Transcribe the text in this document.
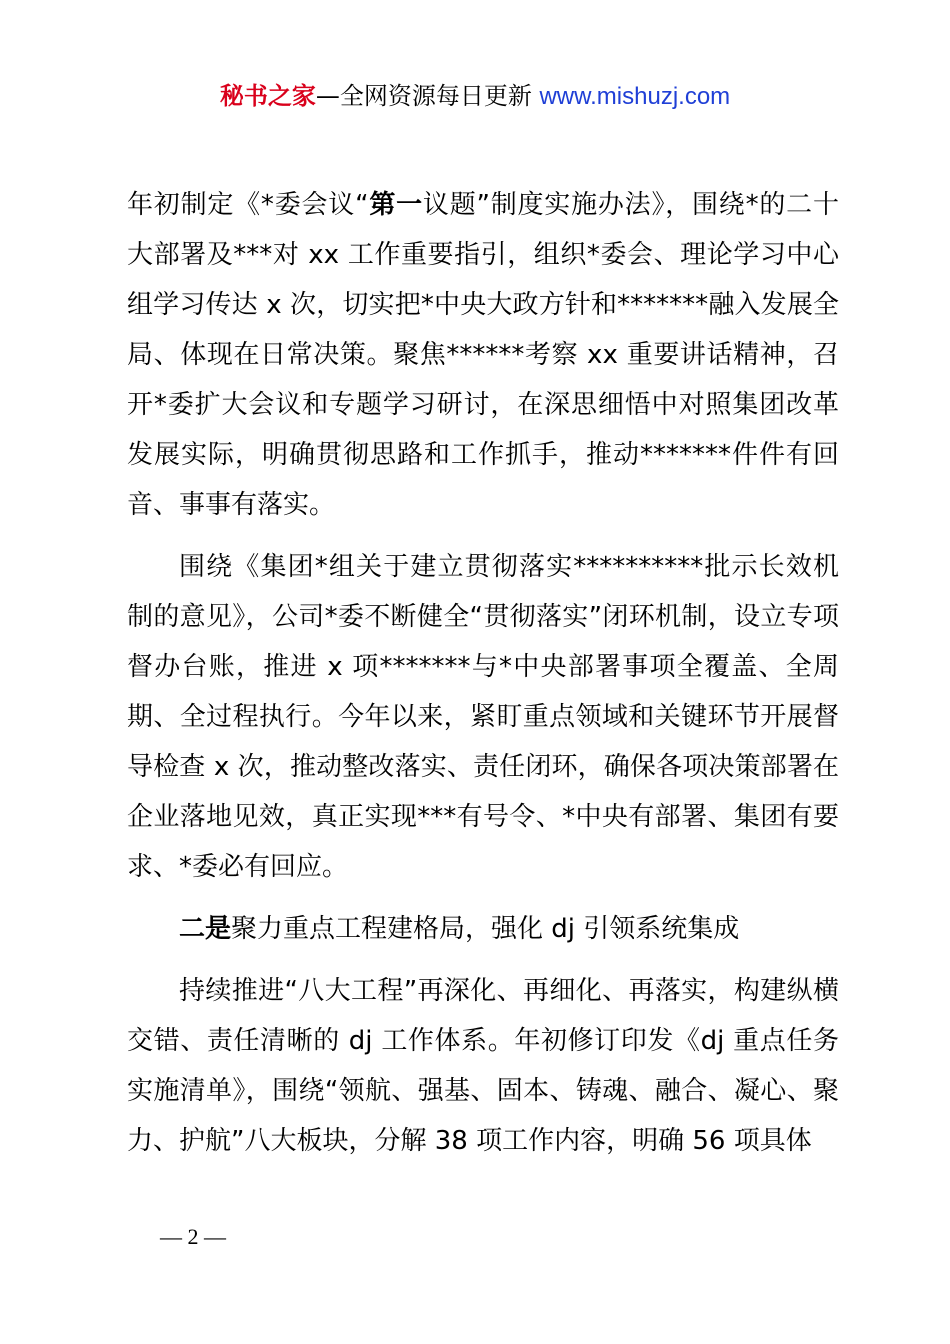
秘书之家—全网资源每日更新 www.mishuzj.com

年初制定《*委会议“第一议题”制度实施办法》，围绕*的二十大部署及***对 xx 工作重要指引，组织*委会、理论学习中心组学习传达 x 次，切实把*中央大政方针和*******融入发展全局、体现在日常决策。聚焦******考察 xx 重要讲话精神，召开*委扩大会议和专题学习研讨，在深思细悟中对照集团改革发展实际，明确贯彻思路和工作抓手，推动*******件件有回音、事事有落实。

围绕《集团*组关于建立贯彻落实**********批示长效机制的意见》，公司*委不断健全“贯彻落实”闭环机制，设立专项督办台账，推进 x 项*******与*中央部署事项全覆盖、全周期、全过程执行。今年以来，紧盯重点领域和关键环节开展督导检查 x 次，推动整改落实、责任闭环，确保各项决策部署在企业落地见效，真正实现***有号令、*中央有部署、集团有要求、*委必有回应。

二是聚力重点工程建格局，强化 dj 引领系统集成

持续推进“八大工程”再深化、再细化、再落实，构建纵横交错、责任清晰的 dj 工作体系。年初修订印发《dj 重点任务实施清单》，围绕“领航、强基、固本、铸魂、融合、凝心、聚力、护航”八大板块，分解 38 项工作内容，明确 56 项具体

— 2 —
